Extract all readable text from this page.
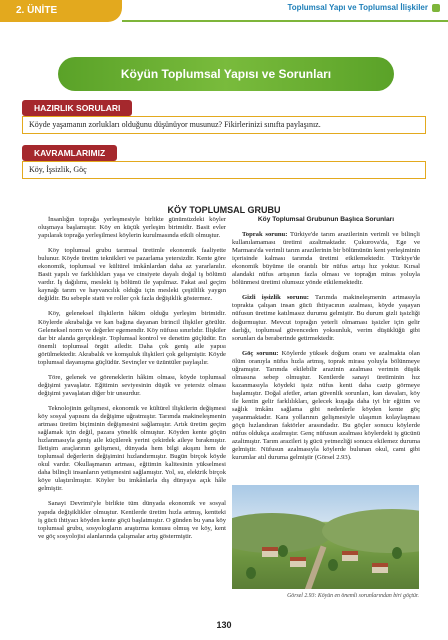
2. ÜNİTE	Toplumsal Yapı ve Toplumsal İlişkiler
Köyün Toplumsal Yapısı ve Sorunları
HAZIRLIK SORULARI
Köyde yaşamanın zorlukları olduğunu düşünüyor musunuz? Fikirlerinizi sınıfta paylaşınız.
KAVRAMLARIMIZ
Köy, İşsizlik, Göç
KÖY TOPLUMSAL GRUBU

İnsanlığın toprağa yerleşmesiyle birlikte günümüzdeki köyler oluşmaya başlamıştır. Köy en küçük yerleşim birimidir. Basit evler yapılarak toprağa yerleşilmesi köylerin kurulmasında etkili olmuştur.

Köy toplumsal grubu tarımsal üretimle ekonomik faaliyette bulunur. Köyde üretim teknikleri ve pazarlama yetersizdir. Kente göre ekonomik, toplumsal ve kültürel imkânlardan daha az yararlanılır. Basit yapılı ve farklılıkları yaşa ve cinsiyete dayalı doğal iş bölümü vardır. İş dağılımı, mesleki iş bölümü ile yapılmaz. Fakat asıl geçim kaynağı tarım ve hayvancılık olduğu için mesleki çeşitlilik yaygın değildir. Bu sebeple statü ve roller çok fazla değişiklik göstermez.

Köy, geleneksel ilişkilerin hâkim olduğu yerleşim birimidir. Köylerde akrabalığa ve kan bağına dayanan birincil ilişkiler görülür. Geleneksel norm ve değerler egemendir. Köy nüfusu sınırlıdır. İlişkiler dar bir alanda gerçekleşir. Toplumsal kontrol ve denetim güçlüdür. En önemli toplumsal örgüt ailedir. Daha çok geniş aile yapısı görülmektedir. Akrabalık ve komşuluk ilişkileri çok gelişmiştir. Köyde toplumsal dayanışma güçlüdür. Sevinçler ve üzüntüler paylaşılır.

Töre, gelenek ve göreneklerin hâkim olması, köyde toplumsal değişimi yavaşlatır. Eğitimin seviyesinin düşük ve yetersiz olması değişimi yavaşlatan diğer bir unsurdur.

Teknolojinin gelişmesi, ekonomik ve kültürel ilişkilerin değişmesi köy sosyal yapısını da değişime uğratmıştır. Tarımda makineleşmenin artması üretim biçiminin değişmesini sağlamıştır. Artık üretim geçim sağlamak için değil, pazara yönelik olmuştur. Köyden kente göçün hızlanmasıyla geniş aile küçülerek yerini çekirdek aileye bırakmıştır. İletişim araçlarının gelişmesi, dünyada hem bilgi akışını hem de toplumsal değerlerin değişimini hızlandırmıştır. Bugün birçok köyde okul vardır. Okullaşmanın artması, eğitimin kalitesinin yükselmesi daha bilinçli insanların yetişmesini sağlamıştır. Yol, su, elektrik birçok köye ulaştırılmıştır. Köyler bu imkânlarla dış dünyaya açık hâle gelmiştir.

Sanayi Devrimi'yle birlikte tüm dünyada ekonomik ve sosyal yapıda değişiklikler olmuştur. Kentlerde üretim hızla artmış, kentteki iş gücü ihtiyacı köyden kente göçü başlatmıştır. O günden bu yana köy toplumsal grubu, sosyologların araştırma konusu olmuş ve köy, kent ve göç sosyolojisi alanlarında çalışmalar artış göstermiştir.

Köy Toplumsal Grubunun Başlıca Sorunları

Toprak sorunu: Türkiye'de tarım arazilerinin verimli ve bilinçli kullanılamaması üretimi azaltmaktadır. Çukurova'da, Ege ve Marmara'da verimli tarım arazilerinin bir bölümünün kent yerleşiminin içerisinde kalması tarımda üretimi etkilemektedir. Türkiye'de ekonomik büyüme ile orantılı bir nüfus artışı hız yoktur. Kırsal alandaki nüfus artışının fazla olması ve toprağın miras yoluyla bölünmesi üretimi olumsuz yönde etkilemektedir.

Gizli işsizlik sorunu: Tarımda makineleşmenin artmasıyla toprakta çalışan insan gücü ihtiyacının azalması, köyde yaşayan nüfusun üretime katılmasız durumu gelmiştir. Bu durum gizli işsizliği doğurmuştur. Mevcut toprağın yeterli olmaması işsizler için gelir darlığı, toplumsal güvenceden yoksunluk, verim düşüklüğü gibi sorunları da beraberinde getirmektedir.

Göç sorunu: Köylerde yüksek doğum oranı ve azalmakta olan ölüm oranıyla nüfus hızla artmış, toprak mirası yoluyla bölünmeye uğramıştır. Tarımda ekilebilir arazinin azalması verimin düşük olmasına sebep olmuştur. Kentlerde sanayi üretiminin hız kazanmasıyla köydeki işsiz nüfus kenti daha cazip görmeye başlamıştır. Doğal afetler, artan güvenlik sorunları, kan davaları, köy ile kentin gelir farklılıkları, gelecek kuşağa daha iyi bir eğitim ve sağlık imkânı sağlama gibi nedenlerle köyden kente göç yaşanmaktadır. Kara yollarının gelişmesiyle ulaşımın kolaylaşması göçü hızlandıran faktörler arasındadır. Bu göçler sonucu köylerde nüfus oldukça azalmıştır. Genç nüfusun azalması köylerdeki iş gücünü azaltmıştır. Tarım arazileri iş gücü yetmezliği sonucu ekilemez duruma gelmiştir. Nüfusun azalmasıyla köylerde bulunan okul, cami gibi kurumlar atıl duruma gelmiştir (Görsel 2.93).

Görsel 2.93: Köyün en önemli sorunlarından biri göçtür.
130
